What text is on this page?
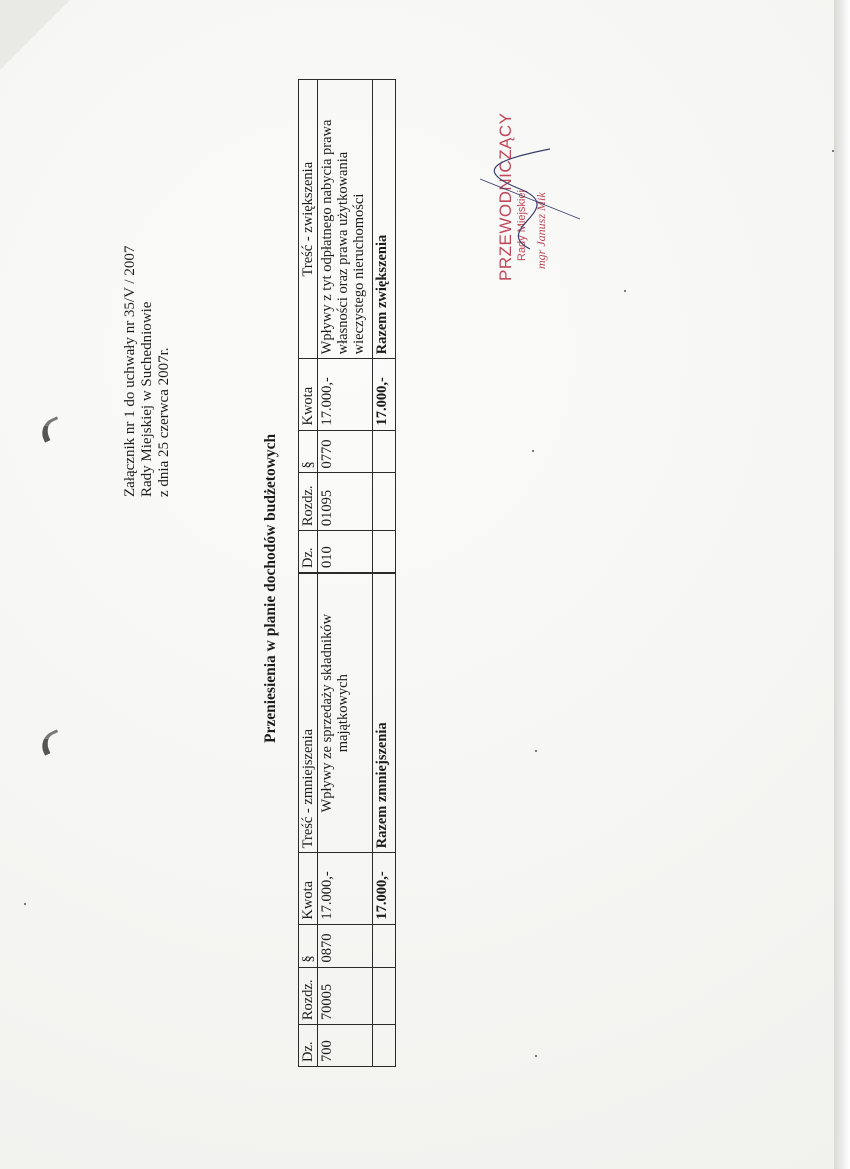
Załącznik nr 1 do uchwały nr 35/V / 2007 Rady Miejskiej w Suchedniowie z dnia 25 czerwca 2007r.
Przeniesienia w planie dochodów budżetowych
Dz.	Rozdz.	§	Kwota	Treść - zmniejszenia	Dz.	Rozdz.	§	Kwota	Treść - zwiększenia
700	70005	0870	17.000,-	Wpływy ze sprzedaży składników majątkowych	010	01095	0770	17.000,-	Wpływy z tyt odpłatnego nabycia prawa własności oraz prawa użytkowania wieczystego nieruchomości
			17.000,-	Razem zmniejszenia				17.000,-	Razem zwiększenia
PRZEWODNICZĄCY Rady Miejskiej mgr Janusz Mik
